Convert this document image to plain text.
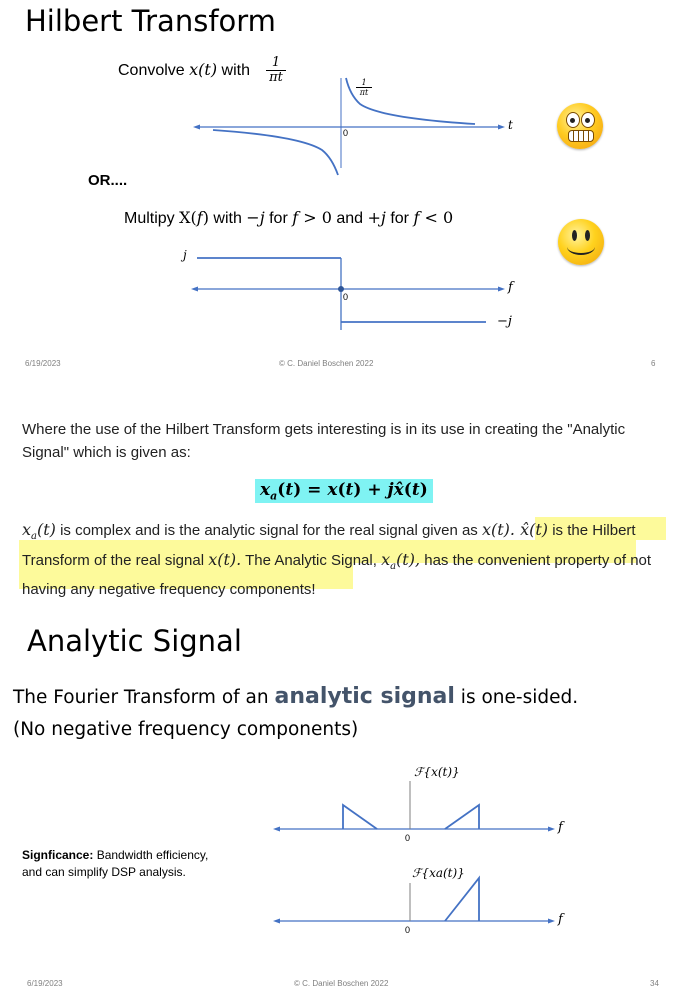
Hilbert Transform
Convolve x(t) with	1
πt	1
πt
t
0
OR....
Multipy X(f) with −j for f > 0 and +j for f < 0
j
f
0
−j
6/19/2023	© C. Daniel Boschen 2022	6
Where the use of the Hilbert Transform gets interesting is in its use in creating the "Analytic Signal" which is given as:
$x_a(t) = x(t)$ + jx̂(t)
$x_a(t)$ is complex and is the analytic signal for the real signal given as x(t). x̂(t) is the Hilbert Transform of the real signal x(t). The Analytic Signal, $x_a(t)$, has the convenient property of not having any negative frequency components!
Analytic Signal
The Fourier Transform of an analytic signal is one-sided.
(No negative frequency components)
Signficance: Bandwidth efficiency,
and can simplify DSP analysis.
ℱ{x(t)}
f
0
ℱ{xa(t)}
f
0
6/19/2023	© C. Daniel Boschen 2022	34
